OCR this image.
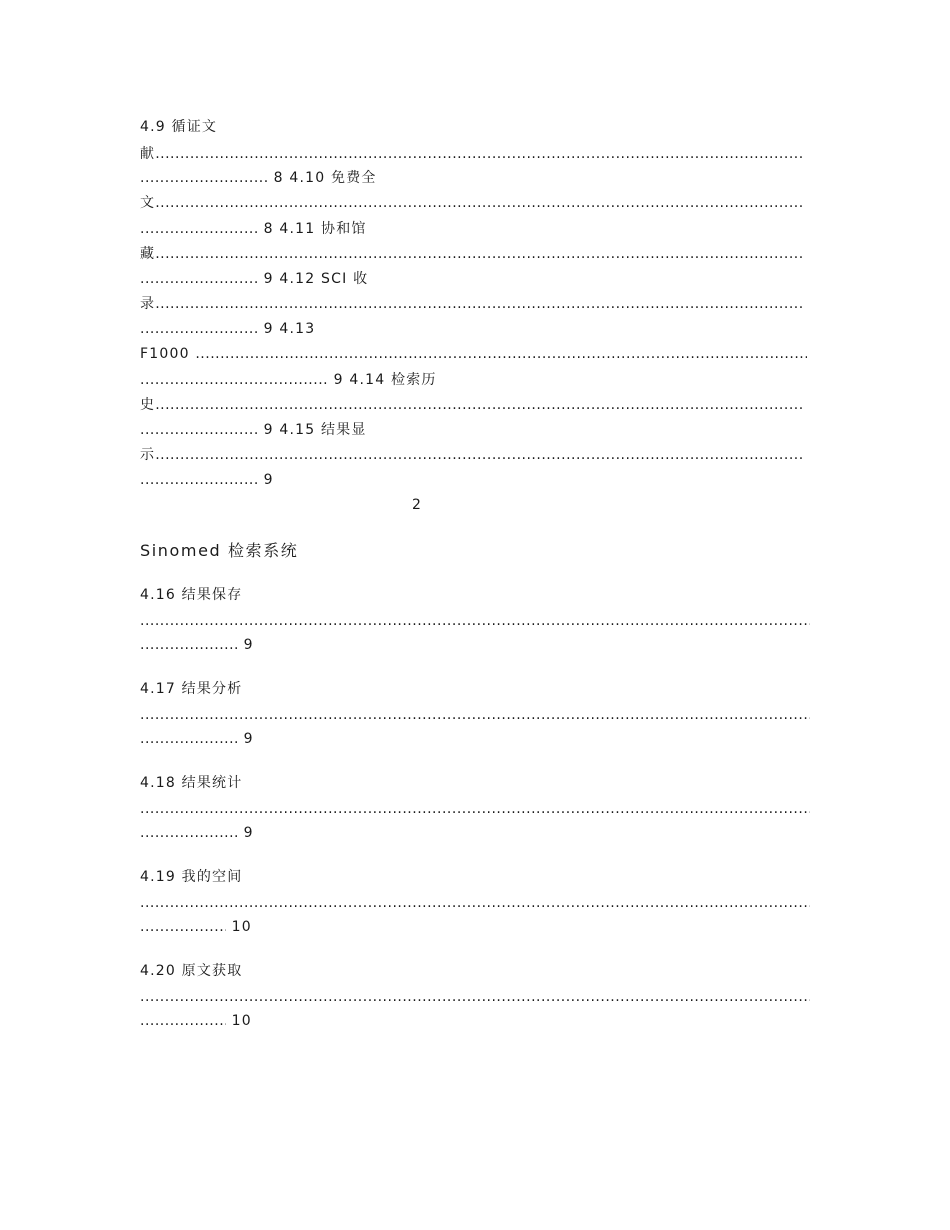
4.9 循证文
献.....
..... 8 4.10 免费全
文.....
..... 8 4.11 协和馆
藏.....
..... 9 4.12 SCI 收
录.....
..... 9 4.13
F1000 .....
..... 9 4.14 检索历
史.....
..... 9 4.15 结果显
示.....
..... 9
2
Sinomed 检索系统
4.16 结果保存
.....
..... 9
4.17 结果分析
.....
..... 9
4.18 结果统计
.....
..... 9
4.19 我的空间
.....
..... 10
4.20 原文获取
.....
..... 10
